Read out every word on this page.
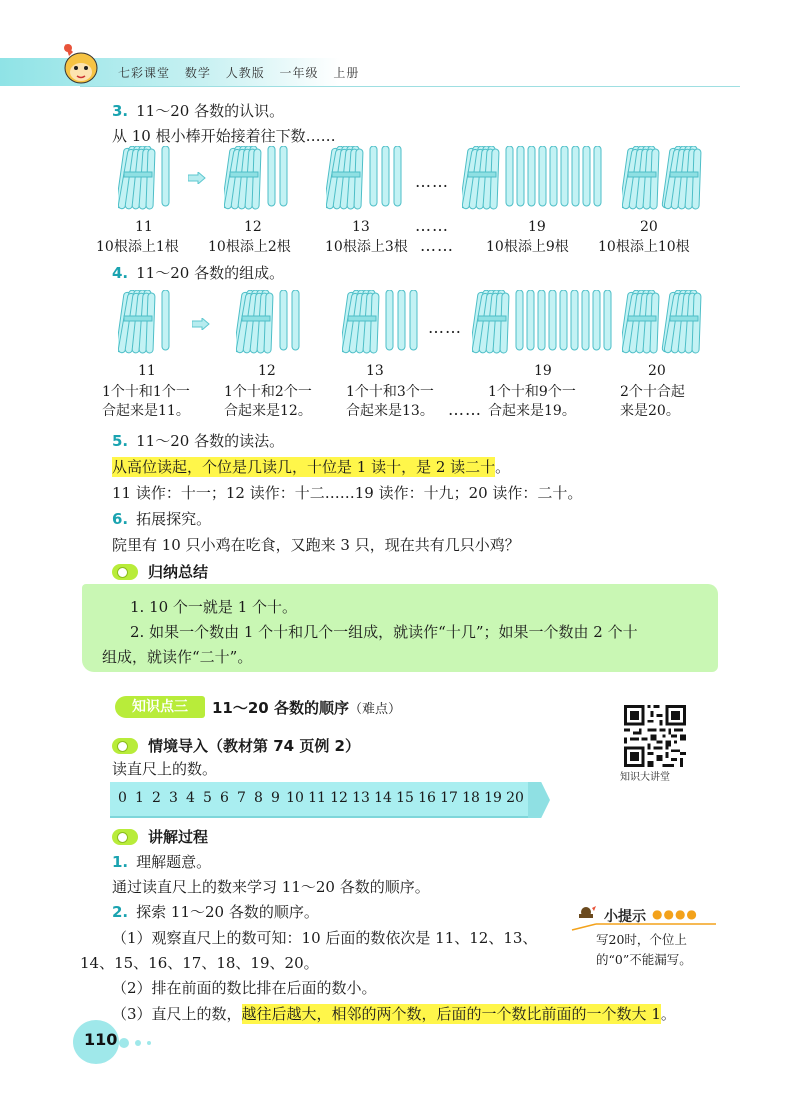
七彩课堂 数学 人教版 一年级 上册
3. 11～20 各数的认识。
从 10 根小棒开始接着往下数……
……
11	12	13	……	19	20
10根添上1根 10根添上2根 10根添上3根 …… 10根添上9根 10根添上10根
4. 11～20 各数的组成。
……
11	12	13	19	20
1个十和1个一
合起来是11。
1个十和2个一
合起来是12。
1个十和3个一
合起来是13。 ……
1个十和9个一
合起来是19。
2个十合起
来是20。
5. 11～20 各数的读法。
从高位读起，个位是几读几，十位是 1 读十，是 2 读二十。
11 读作：十一；12 读作：十二……19 读作：十九；20 读作：二十。
6. 拓展探究。
院里有 10 只小鸡在吃食，又跑来 3 只，现在共有几只小鸡？
归纳总结
1. 10 个一就是 1 个十。
2. 如果一个数由 1 个十和几个一组成，就读作“十几”；如果一个数由 2 个十
组成，就读作“二十”。
知识点三	11～20 各数的顺序（难点）
知识大讲堂
情境导入（教材第 74 页例 2）
读直尺上的数。
0 1 2 3 4 5 6 7 8 9 10 11 12 13 14 15 16 17 18 19 20
讲解过程
1. 理解题意。
通过读直尺上的数来学习 11～20 各数的顺序。
2. 探索 11～20 各数的顺序。
（1）观察直尺上的数可知：10 后面的数依次是 11、12、13、
14、15、16、17、18、19、20。
（2）排在前面的数比排在后面的数小。
（3）直尺上的数，越往后越大，相邻的两个数，后面的一个数比前面的一个数大 1。
小提示 ●●●●
写20时，个位上的“0”不能漏写。
110
